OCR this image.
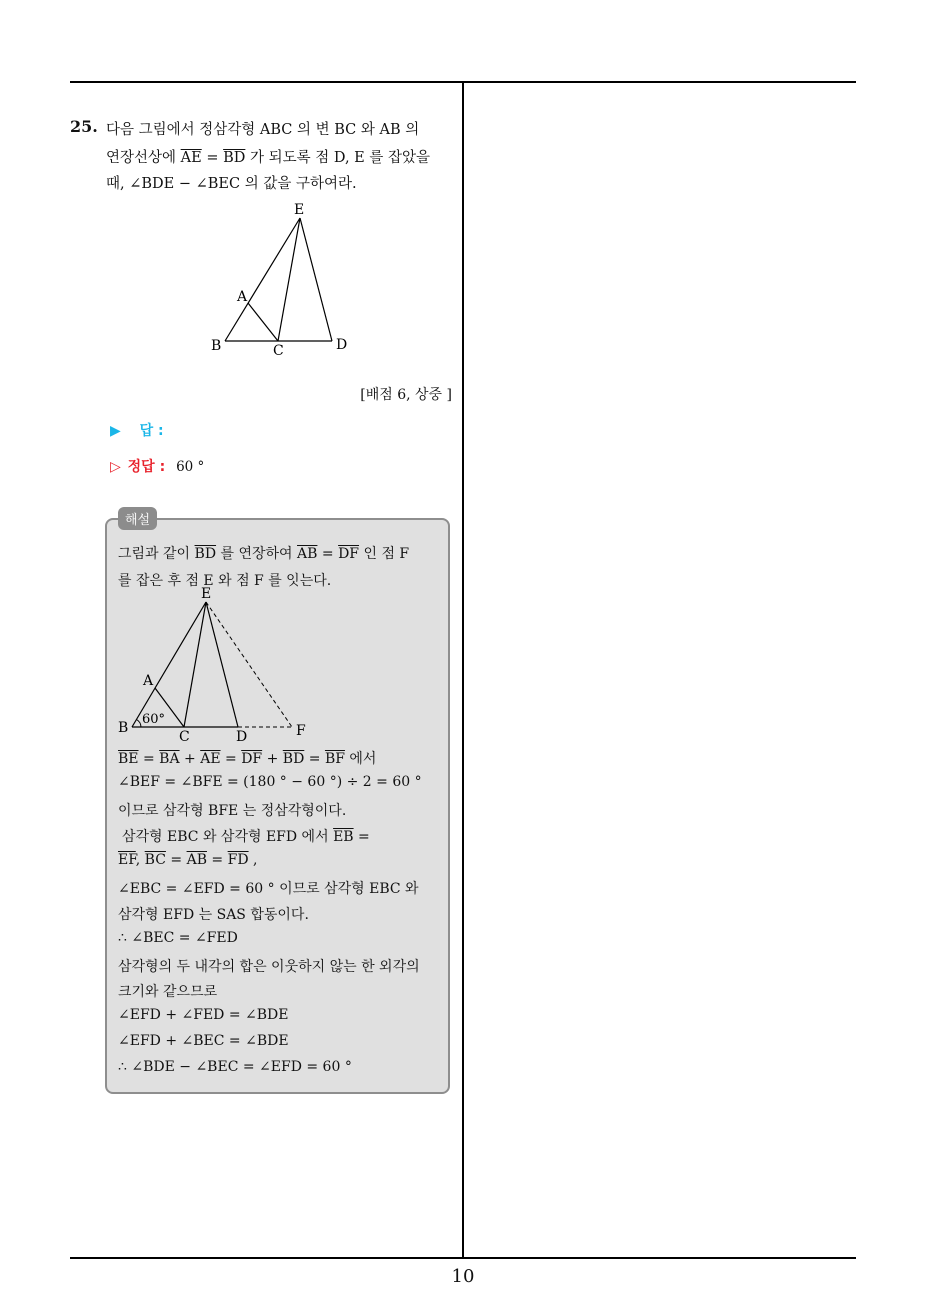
25. 다음 그림에서 정삼각형 ABC 의 변 BC 와 AB 의
연장선상에 $\overline{AE} = \overline{BD}$ 가 되도록 점 D, E 를 잡았을
때, ∠BDE − ∠BEC 의 값을 구하여라.
E
A
B	C	D
[배점 6, 상중 ]
▶ 답 :
▷ 정답 : 60 °
해설
그림과 같이 $\overline{BD}$ 를 연장하여 $\overline{AB} = \overline{DF}$ 인 점 F
를 잡은 후 점 E 와 점 F 를 잇는다.
E
A
B
C	D	F
60°
$\overline{BE} = \overline{BA} + \overline{AE} = \overline{DF} + \overline{BD} = \overline{BF}$ 에서
∠BEF = ∠BFE = (180 ° − 60 °) ÷ 2 = 60 °
이므로 삼각형 BFE 는 정삼각형이다.
삼각형 EBC 와 삼각형 EFD 에서 $\overline{EB}$ =
$\overline{EF}$, $\overline{BC} = \overline{AB} = \overline{FD}$ ,
∠EBC = ∠EFD = 60 ° 이므로 삼각형 EBC 와
삼각형 EFD 는 SAS 합동이다.
∴ ∠BEC = ∠FED
삼각형의 두 내각의 합은 이웃하지 않는 한 외각의
크기와 같으므로
∠EFD + ∠FED = ∠BDE
∠EFD + ∠BEC = ∠BDE
∴ ∠BDE − ∠BEC = ∠EFD = 60 °
10
